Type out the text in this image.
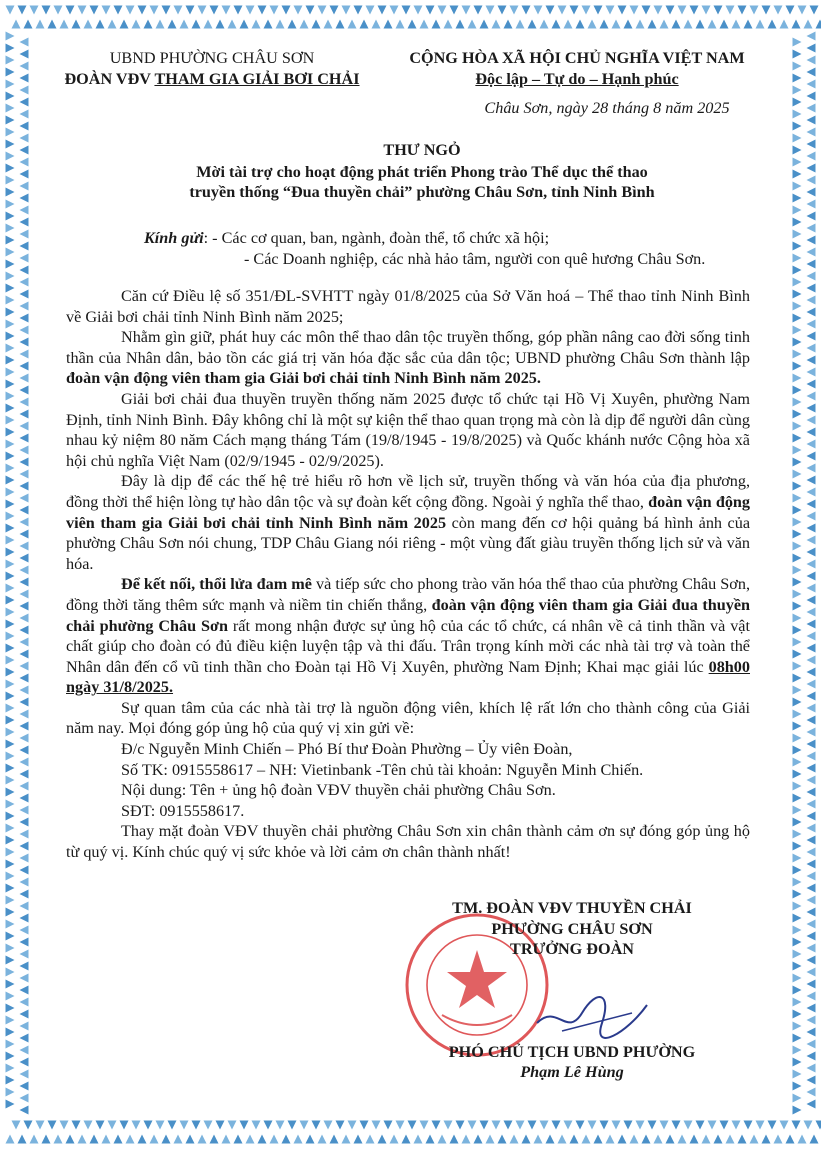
UBND PHƯỜNG CHÂU SƠN
ĐOÀN VĐV THAM GIA GIẢI BƠI CHẢI
CỘNG HÒA XÃ HỘI CHỦ NGHĨA VIỆT NAM
Độc lập – Tự do – Hạnh phúc
Châu Sơn, ngày 28 tháng 8 năm 2025
THƯ NGỎ
Mời tài trợ cho hoạt động phát triển Phong trào Thể dục thể thao
truyền thống “Đua thuyền chải” phường Châu Sơn, tỉnh Ninh Bình
Kính gửi: - Các cơ quan, ban, ngành, đoàn thể, tổ chức xã hội;
- Các Doanh nghiệp, các nhà hảo tâm, người con quê hương Châu Sơn.

Căn cứ Điều lệ số 351/ĐL-SVHTT ngày 01/8/2025 của Sở Văn hoá – Thể thao tỉnh Ninh Bình về Giải bơi chải tỉnh Ninh Bình năm 2025;

Nhằm gìn giữ, phát huy các môn thể thao dân tộc truyền thống, góp phần nâng cao đời sống tinh thần của Nhân dân, bảo tồn các giá trị văn hóa đặc sắc của dân tộc; UBND phường Châu Sơn thành lập đoàn vận động viên tham gia Giải bơi chải tỉnh Ninh Bình năm 2025.

Giải bơi chải đua thuyền truyền thống năm 2025 được tổ chức tại Hồ Vị Xuyên, phường Nam Định, tỉnh Ninh Bình. Đây không chỉ là một sự kiện thể thao quan trọng mà còn là dịp để người dân cùng nhau kỷ niệm 80 năm Cách mạng tháng Tám (19/8/1945 - 19/8/2025) và Quốc khánh nước Cộng hòa xã hội chủ nghĩa Việt Nam (02/9/1945 - 02/9/2025).

Đây là dịp để các thế hệ trẻ hiểu rõ hơn về lịch sử, truyền thống và văn hóa của địa phương, đồng thời thể hiện lòng tự hào dân tộc và sự đoàn kết cộng đồng. Ngoài ý nghĩa thể thao, đoàn vận động viên tham gia Giải bơi chải tỉnh Ninh Bình năm 2025 còn mang đến cơ hội quảng bá hình ảnh của phường Châu Sơn nói chung, TDP Châu Giang nói riêng - một vùng đất giàu truyền thống lịch sử và văn hóa.

Để kết nối, thổi lửa đam mê và tiếp sức cho phong trào văn hóa thể thao của phường Châu Sơn, đồng thời tăng thêm sức mạnh và niềm tin chiến thắng, đoàn vận động viên tham gia Giải đua thuyền chải phường Châu Sơn rất mong nhận được sự ủng hộ của các tổ chức, cá nhân về cả tinh thần và vật chất giúp cho đoàn có đủ điều kiện luyện tập và thi đấu. Trân trọng kính mời các nhà tài trợ và toàn thể Nhân dân đến cổ vũ tinh thần cho Đoàn tại Hồ Vị Xuyên, phường Nam Định; Khai mạc giải lúc 08h00 ngày 31/8/2025.

Sự quan tâm của các nhà tài trợ là nguồn động viên, khích lệ rất lớn cho thành công của Giải năm nay. Mọi đóng góp ủng hộ của quý vị xin gửi về:

Đ/c Nguyễn Minh Chiến – Phó Bí thư Đoàn Phường – Ủy viên Đoàn,

Số TK: 0915558617 – NH: Vietinbank -Tên chủ tài khoản: Nguyễn Minh Chiến.

Nội dung: Tên + ủng hộ đoàn VĐV thuyền chải phường Châu Sơn.

SĐT: 0915558617.

Thay mặt đoàn VĐV thuyền chải phường Châu Sơn xin chân thành cảm ơn sự đóng góp ủng hộ từ quý vị. Kính chúc quý vị sức khỏe và lời cảm ơn chân thành nhất!

TM. ĐOÀN VĐV THUYỀN CHẢI
PHƯỜNG CHÂU SƠN
TRƯỞNG ĐOÀN
PHÓ CHỦ TỊCH UBND PHƯỜNG
Phạm Lê Hùng
